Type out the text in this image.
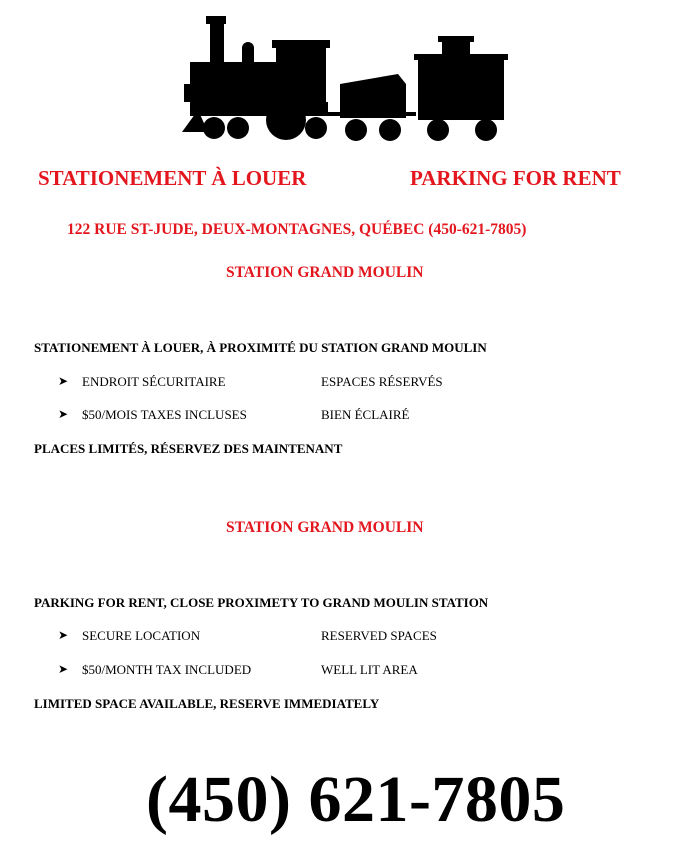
STATIONEMENT À LOUER	PARKING FOR RENT
122 RUE ST-JUDE, DEUX-MONTAGNES, QUÉBEC (450-621-7805)
STATION GRAND MOULIN
STATIONEMENT À LOUER, À PROXIMITÉ DU STATION GRAND MOULIN
➤ ENDROIT SÉCURITAIRE	ESPACES RÉSERVÉS
➤ $50/MOIS TAXES INCLUSES	BIEN ÉCLAIRÉ
PLACES LIMITÉS, RÉSERVEZ DES MAINTENANT
STATION GRAND MOULIN
PARKING FOR RENT, CLOSE PROXIMETY TO GRAND MOULIN STATION
➤ SECURE LOCATION	RESERVED SPACES
➤ $50/MONTH TAX INCLUDED	WELL LIT AREA
LIMITED SPACE AVAILABLE, RESERVE IMMEDIATELY
(450) 621-7805
